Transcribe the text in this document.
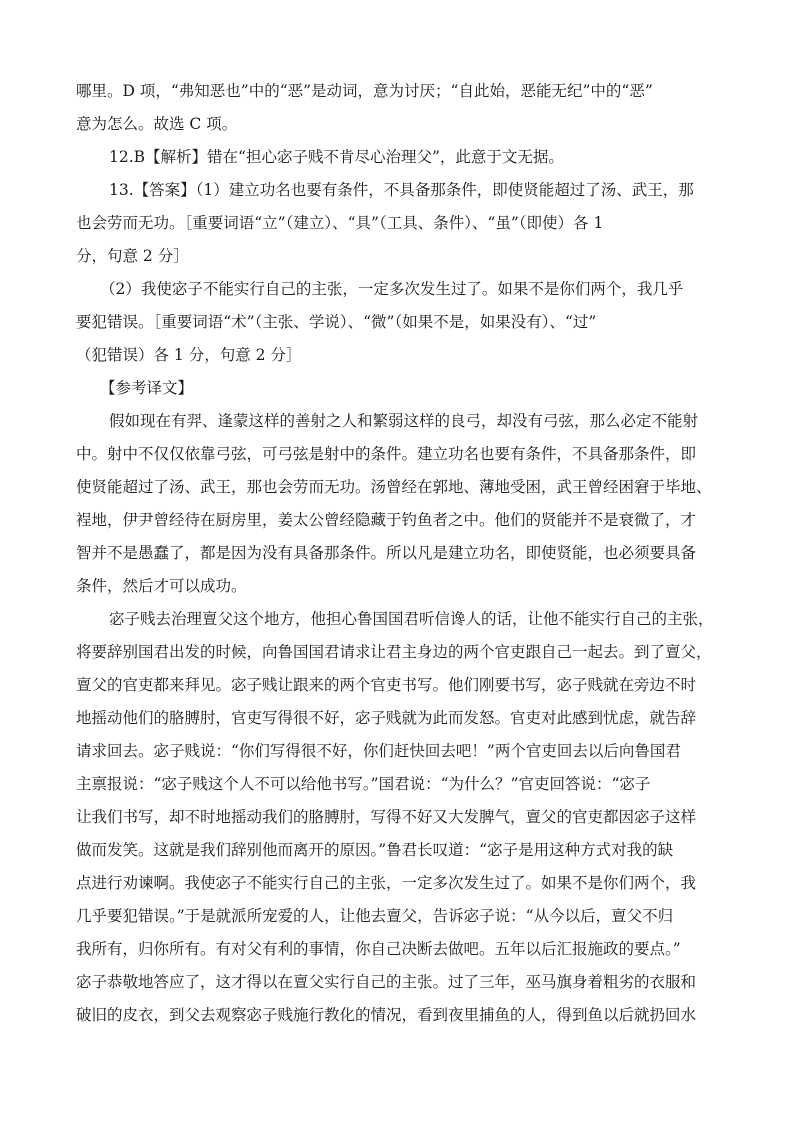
哪里。D 项，“弗知恶也”中的“恶”是动词，意为讨厌；“自此始，恶能无纪”中的“恶”
意为怎么。故选 C 项。
12.B【解析】错在“担心宓子贱不肯尽心治理父”，此意于文无据。
13.【答案】（1）建立功名也要有条件，不具备那条件，即使贤能超过了汤、武王，那
也会劳而无功。［重要词语“立”（建立）、“具”（工具、条件）、“虽”（即使）各 1
分，句意 2 分］
（2）我使宓子不能实行自己的主张，一定多次发生过了。如果不是你们两个，我几乎
要犯错误。［重要词语“术”（主张、学说）、“微”（如果不是，如果没有）、“过”
（犯错误）各 1 分，句意 2 分］
【参考译文】
假如现在有羿、逢蒙这样的善射之人和繁弱这样的良弓，却没有弓弦，那么必定不能射
中。射中不仅仅依靠弓弦，可弓弦是射中的条件。建立功名也要有条件，不具备那条件，即
使贤能超过了汤、武王，那也会劳而无功。汤曾经在郭地、薄地受困，武王曾经困窘于毕地、
裎地，伊尹曾经待在厨房里，姜太公曾经隐藏于钓鱼者之中。他们的贤能并不是衰微了，才
智并不是愚蠢了，都是因为没有具备那条件。所以凡是建立功名，即使贤能，也必须要具备
条件，然后才可以成功。
宓子贱去治理亶父这个地方，他担心鲁国国君听信谗人的话，让他不能实行自己的主张，
将要辞别国君出发的时候，向鲁国国君请求让君主身边的两个官吏跟自己一起去。到了亶父，
亶父的官吏都来拜见。宓子贱让跟来的两个官吏书写。他们刚要书写，宓子贱就在旁边不时
地摇动他们的胳膊肘，官吏写得很不好，宓子贱就为此而发怒。官吏对此感到忧虑，就告辞
请求回去。宓子贱说：“你们写得很不好，你们赶快回去吧！”两个官吏回去以后向鲁国君
主禀报说：“宓子贱这个人不可以给他书写。”国君说：“为什么？”官吏回答说：“宓子
让我们书写，却不时地摇动我们的胳膊肘，写得不好又大发脾气，亶父的官吏都因宓子这样
做而发笑。这就是我们辞别他而离开的原因。”鲁君长叹道：“宓子是用这种方式对我的缺
点进行劝谏啊。我使宓子不能实行自己的主张，一定多次发生过了。如果不是你们两个，我
几乎要犯错误。”于是就派所宠爱的人，让他去亶父，告诉宓子说：“从今以后，亶父不归
我所有，归你所有。有对父有利的事情，你自己决断去做吧。五年以后汇报施政的要点。”
宓子恭敬地答应了，这才得以在亶父实行自己的主张。过了三年，巫马旗身着粗劣的衣服和
破旧的皮衣，到父去观察宓子贱施行教化的情况，看到夜里捕鱼的人，得到鱼以后就扔回水
